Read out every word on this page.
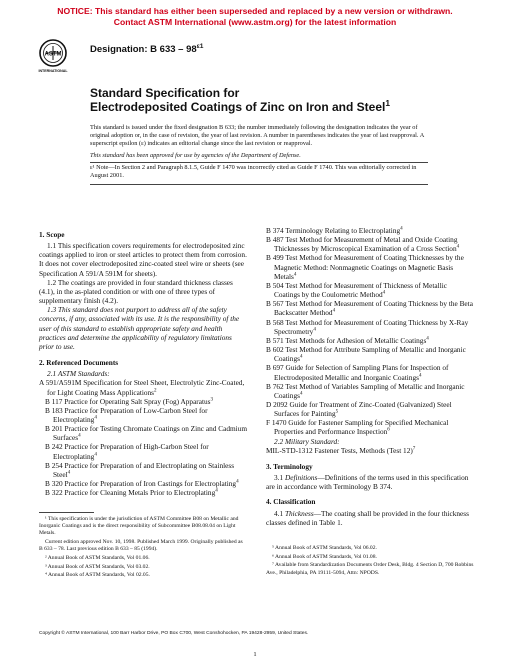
NOTICE: This standard has either been superseded and replaced by a new version or withdrawn.
Contact ASTM International (www.astm.org) for the latest information
ASTM
INTERNATIONAL
Designation: B $633 - 98^{\varepsilon 1}$
Standard Specification for
Electrodeposited Coatings of Zinc on Iron and Steel$^1$
This standard is issued under the fixed designation B 633; the number immediately following the designation indicates the year of original adoption or, in the case of revision, the year of last revision. A number in parentheses indicates the year of last reapproval. A superscript epsilon (ε) indicates an editorial change since the last revision or reapproval.
This standard has been approved for use by agencies of the Department of Defense.
ε¹ Note—In Section 2 and Paragraph 8.1.5, Guide F 1470 was incorrectly cited as Guide F 1740. This was editorially corrected in August 2001.

1. Scope

1.1 This specification covers requirements for electrodeposited zinc coatings applied to iron or steel articles to protect them from corrosion. It does not cover electrodeposited zinc-coated steel wire or sheets (see Specification A 591/A 591M for sheets).

1.2 The coatings are provided in four standard thickness classes (4.1), in the as-plated condition or with one of three types of supplementary finish (4.2).

1.3 This standard does not purport to address all of the safety concerns, if any, associated with its use. It is the responsibility of the user of this standard to establish appropriate safety and health practices and determine the applicability of regulatory limitations prior to use.

2. Referenced Documents

2.1 ASTM Standards:

A 591/A591M Specification for Steel Sheet, Electrolytic Zinc-Coated, for Light Coating Mass Applications$^2$

B 117 Practice for Operating Salt Spray (Fog) Apparatus$^3$

B 183 Practice for Preparation of Low-Carbon Steel for Electroplating$^4$

B 201 Practice for Testing Chromate Coatings on Zinc and Cadmium Surfaces$^4$

B 242 Practice for Preparation of High-Carbon Steel for Electroplating$^4$

B 254 Practice for Preparation of and Electroplating on Stainless Steel$^4$

B 320 Practice for Preparation of Iron Castings for Electroplating$^4$

B 322 Practice for Cleaning Metals Prior to Electroplating$^4$

B 374 Terminology Relating to Electroplating$^4$

B 487 Test Method for Measurement of Metal and Oxide Coating Thicknesses by Microscopical Examination of a Cross Section$^4$

B 499 Test Method for Measurement of Coating Thicknesses by the Magnetic Method: Nonmagnetic Coatings on Magnetic Basis Metals$^4$

B 504 Test Method for Measurement of Thickness of Metallic Coatings by the Coulometric Method$^4$

B 567 Test Method for Measurement of Coating Thickness by the Beta Backscatter Method$^4$

B 568 Test Method for Measurement of Coating Thickness by X-Ray Spectrometry$^4$

B 571 Test Methods for Adhesion of Metallic Coatings$^4$

B 602 Test Method for Attribute Sampling of Metallic and Inorganic Coatings$^4$

B 697 Guide for Selection of Sampling Plans for Inspection of Electrodeposited Metallic and Inorganic Coatings$^4$

B 762 Test Method of Variables Sampling of Metallic and Inorganic Coatings$^4$

D 2092 Guide for Treatment of Zinc-Coated (Galvanized) Steel Surfaces for Painting$^5$

F 1470 Guide for Fastener Sampling for Specified Mechanical Properties and Performance Inspection$^6$

2.2 Military Standard:

MIL-STD-1312 Fastener Tests, Methods (Test 12)$^7$

3. Terminology

3.1 Definitions—Definitions of the terms used in this specification are in accordance with Terminology B 374.

4. Classification

4.1 Thickness—The coating shall be provided in the four thickness classes defined in Table 1.

¹ This specification is under the jurisdiction of ASTM Committee B08 on Metallic and Inorganic Coatings and is the direct responsibility of Subcommittee B08.08.04 on Light Metals.

Current edition approved Nov. 10, 1998. Published March 1999. Originally published as B 633 – 78. Last previous edition B 633 – 85 (1994).

² Annual Book of ASTM Standards, Vol 01.06.

³ Annual Book of ASTM Standards, Vol 03.02.

⁴ Annual Book of ASTM Standards, Vol 02.05.

⁵ Annual Book of ASTM Standards, Vol 06.02.

⁶ Annual Book of ASTM Standards, Vol 01.08.

⁷ Available from Standardization Documents Order Desk, Bldg. 4 Section D, 700 Robbins Ave., Philadelphia, PA 19111-5094, Attn: NPODS.

Copyright © ASTM International, 100 Barr Harbor Drive, PO Box C700, West Conshohocken, PA 19428-2959, United States.
1
